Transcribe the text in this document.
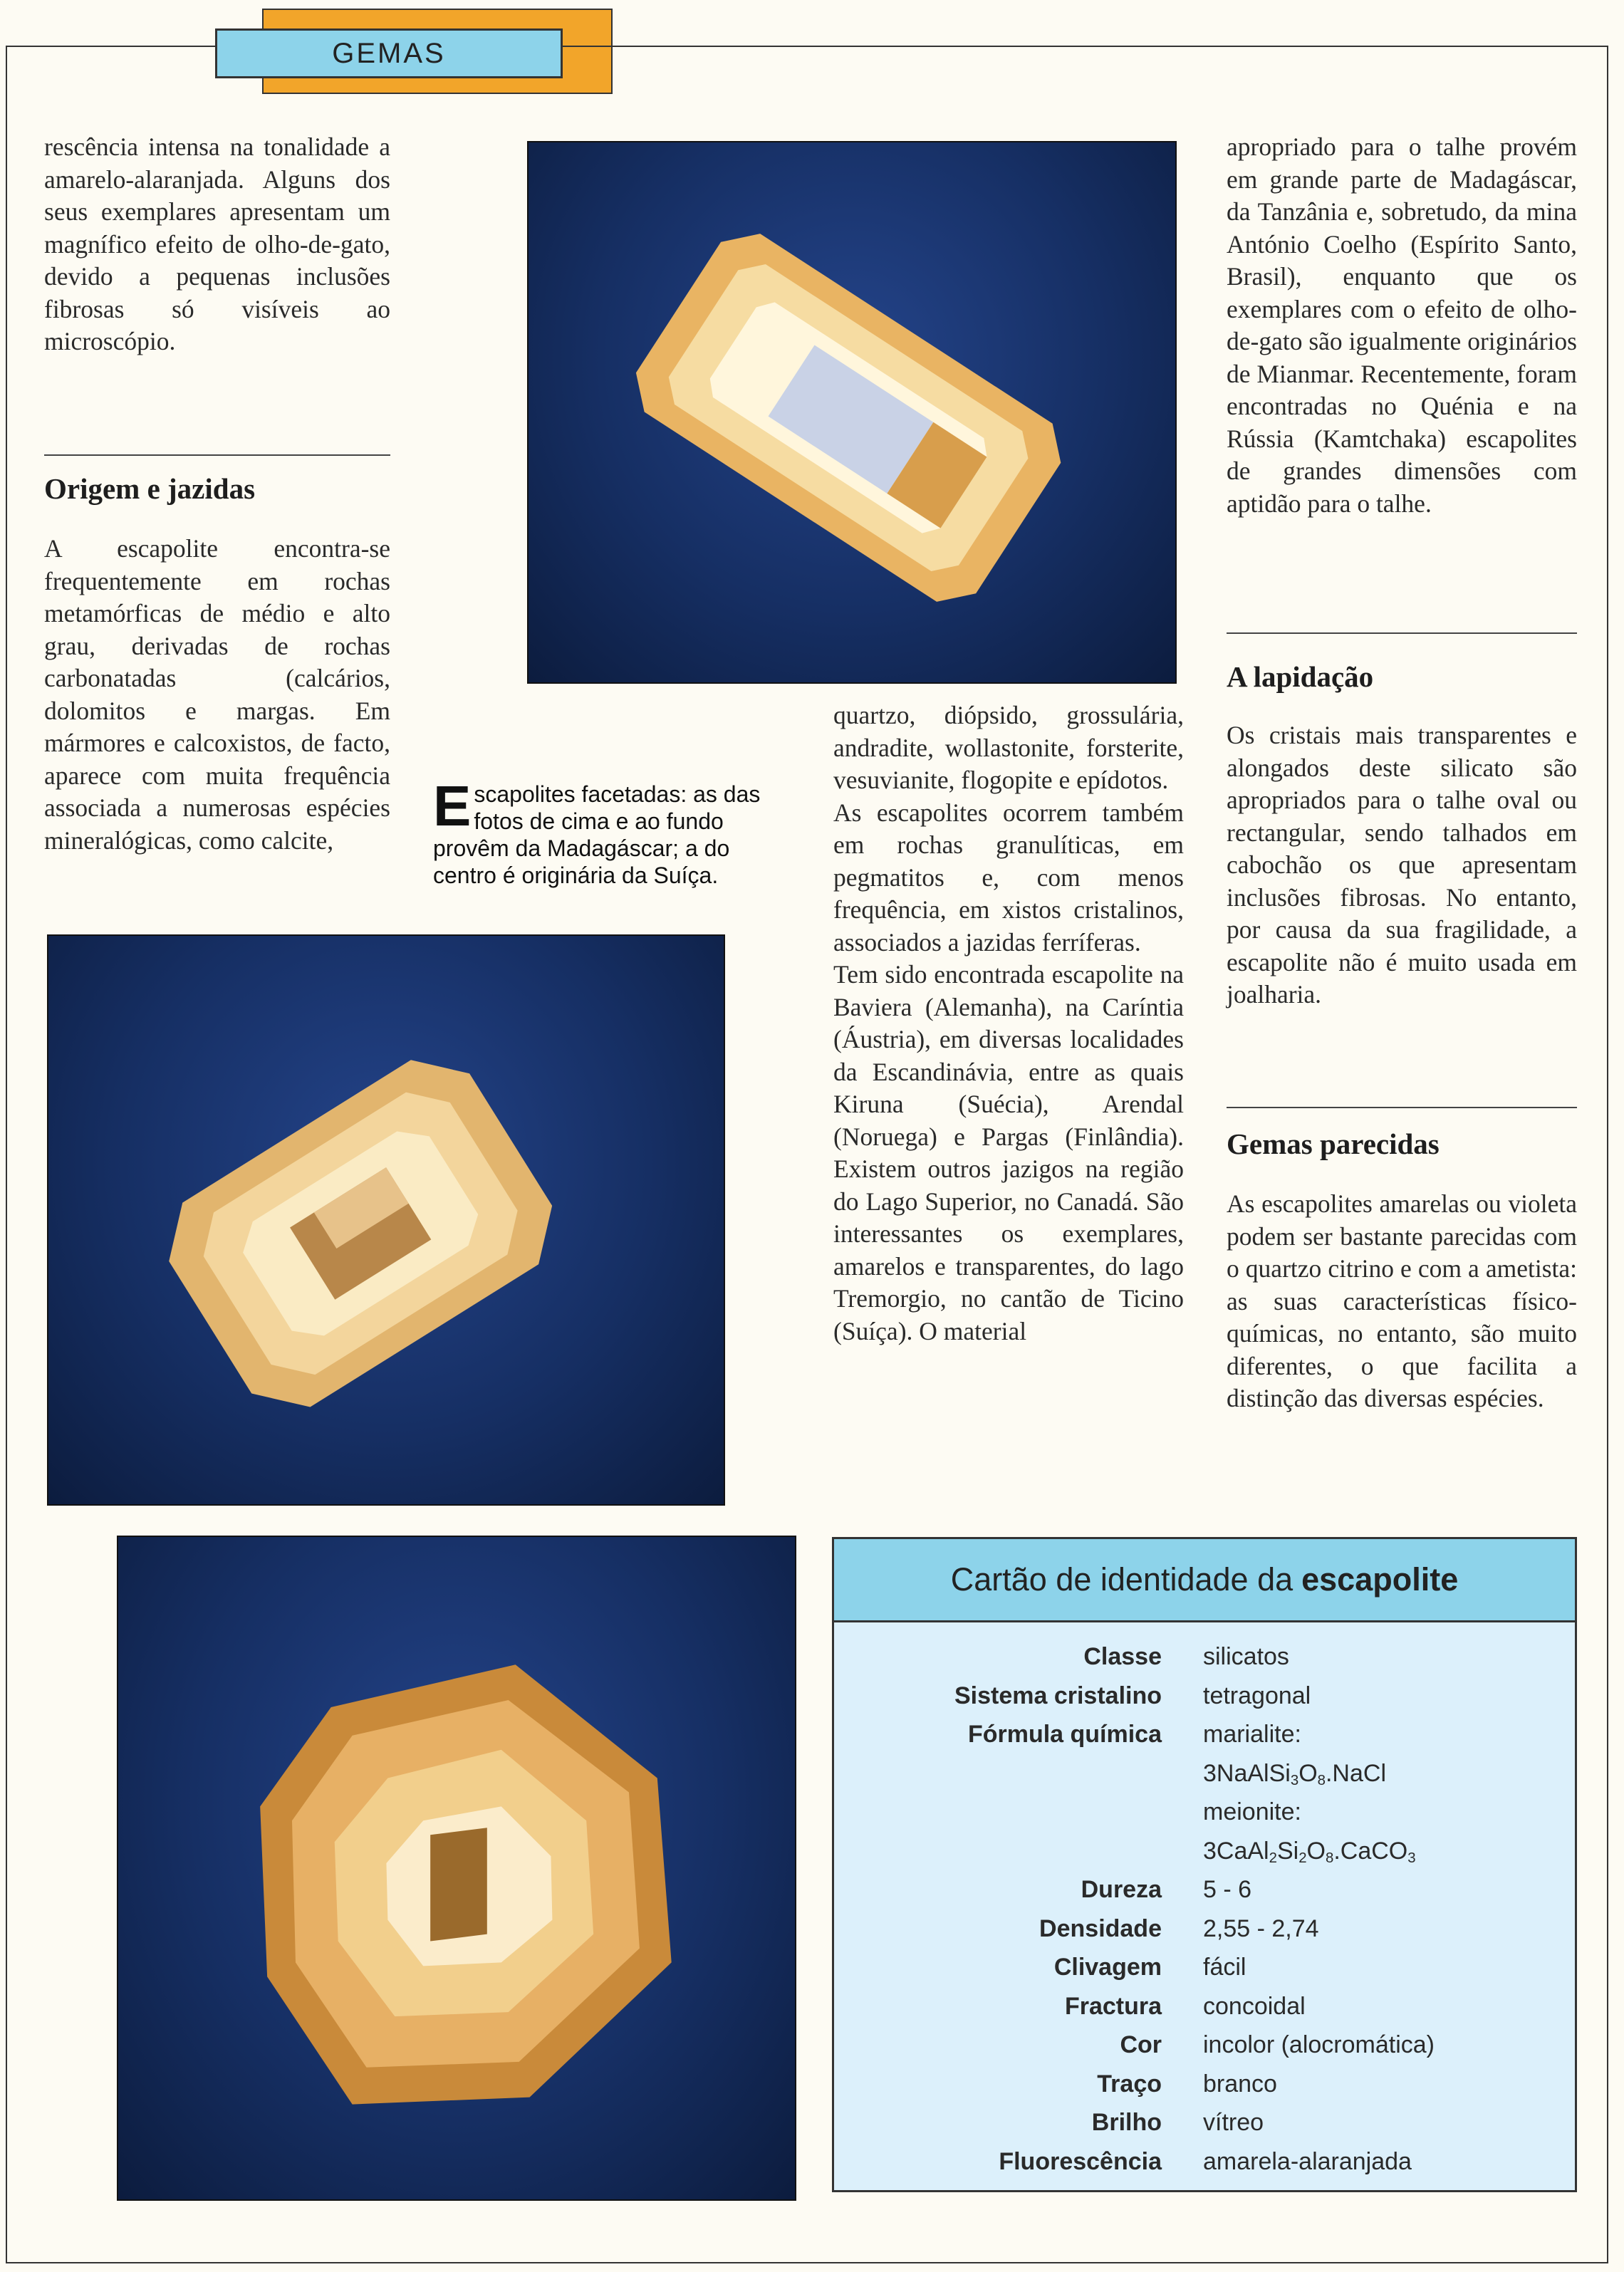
GEMAS

rescência intensa na tonalidade a amarelo-alaranjada. Alguns dos seus exemplares apresentam um magnífico efeito de olho-de-gato, devido a pequenas inclusões fibrosas só visíveis ao microscópio.

Origem e jazidas

A escapolite encontra-se frequentemente em rochas metamórficas de médio e alto grau, derivadas de rochas carbonatadas (calcários, dolomitos e margas. Em mármores e calcoxistos, de facto, aparece com muita frequência associada a numerosas espécies mineralógicas, como calcite,

Escapolites facetadas: as das fotos de cima e ao fundo provêm da Madagáscar; a do centro é originária da Suíça.

quartzo, diópsido, grossulária, andradite, wollastonite, forsterite, vesuvianite, flogopite e epídotos.

As escapolites ocorrem também em rochas granulíticas, em pegmatitos e, com menos frequência, em xistos cristalinos, associados a jazidas ferríferas.

Tem sido encontrada escapolite na Baviera (Alemanha), na Caríntia (Áustria), em diversas localidades da Escandinávia, entre as quais Kiruna (Suécia), Arendal (Noruega) e Pargas (Finlândia). Existem outros jazigos na região do Lago Superior, no Canadá. São interessantes os exemplares, amarelos e transparentes, do lago Tremorgio, no cantão de Ticino (Suíça). O material

apropriado para o talhe provém em grande parte de Madagáscar, da Tanzânia e, sobretudo, da mina António Coelho (Espírito Santo, Brasil), enquanto que os exemplares com o efeito de olho-de-gato são igualmente originários de Mianmar. Recentemente, foram encontradas no Quénia e na Rússia (Kamtchaka) escapolites de grandes dimensões com aptidão para o talhe.

A lapidação

Os cristais mais transparentes e alongados deste silicato são apropriados para o talhe oval ou rectangular, sendo talhados em cabochão os que apresentam inclusões fibrosas. No entanto, por causa da sua fragilidade, a escapolite não é muito usada em joalharia.

Gemas parecidas

As escapolites amarelas ou violeta podem ser bastante parecidas com o quartzo citrino e com a ametista: as suas características físico-químicas, no entanto, são muito diferentes, o que facilita a distinção das diversas espécies.

Cartão de identidade da escapolite
Classe silicatos
Sistema cristalino tetragonal
Fórmula química marialite:
$3NaAlSi_3O_8.NaCl$
meionite:
$3CaAl_2Si_2O_8.CaCO_3$
Dureza 5 - 6
Densidade 2,55 - 2,74
Clivagem fácil
Fractura concoidal
Cor incolor (alocromática)
Traço branco
Brilho vítreo
Fluorescência amarela-alaranjada
